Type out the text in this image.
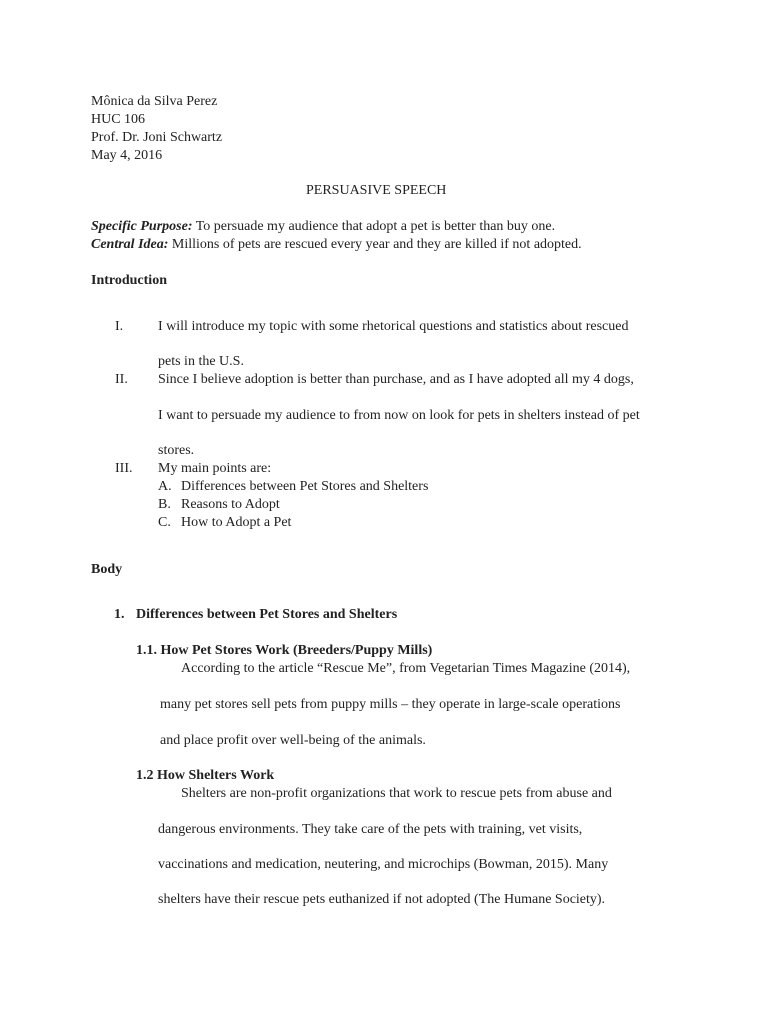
Mônica da Silva Perez
HUC 106
Prof. Dr. Joni Schwartz
May 4, 2016
PERSUASIVE SPEECH
Specific Purpose: To persuade my audience that adopt a pet is better than buy one.
Central Idea: Millions of pets are rescued every year and they are killed if not adopted.
Introduction
I. I will introduce my topic with some rhetorical questions and statistics about rescued
pets in the U.S.
II. Since I believe adoption is better than purchase, and as I have adopted all my 4 dogs,
I want to persuade my audience to from now on look for pets in shelters instead of pet
stores.
III. My main points are:
A. Differences between Pet Stores and Shelters
B. Reasons to Adopt
C. How to Adopt a Pet
Body
1. Differences between Pet Stores and Shelters
1.1. How Pet Stores Work (Breeders/Puppy Mills)
According to the article “Rescue Me”, from Vegetarian Times Magazine (2014),
many pet stores sell pets from puppy mills – they operate in large-scale operations
and place profit over well-being of the animals.
1.2 How Shelters Work
Shelters are non-profit organizations that work to rescue pets from abuse and
dangerous environments. They take care of the pets with training, vet visits,
vaccinations and medication, neutering, and microchips (Bowman, 2015). Many
shelters have their rescue pets euthanized if not adopted (The Humane Society).
